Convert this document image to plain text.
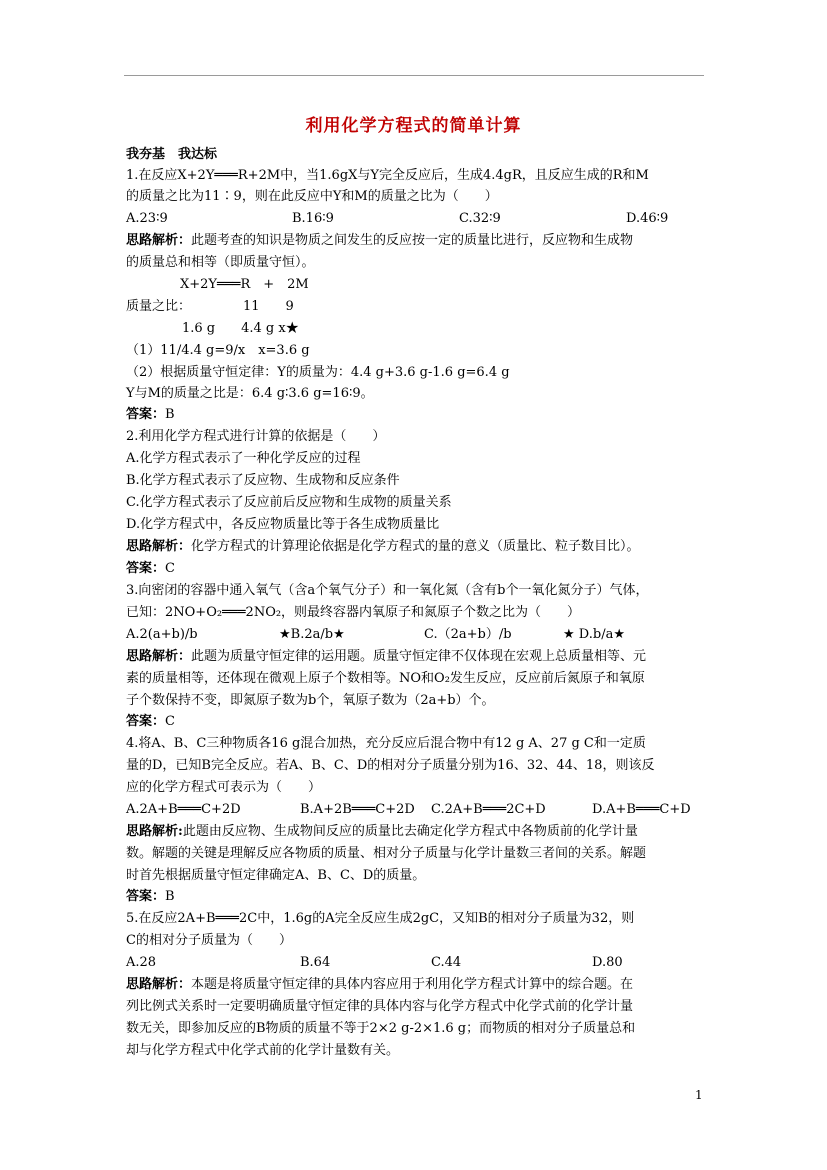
利用化学方程式的简单计算
我夯基　我达标
1.在反应X+2Y═══R+2M中，当1.6gX与Y完全反应后，生成4.4gR，且反应生成的R和M
的质量之比为11∶9，则在此反应中Y和M的质量之比为（　　）
A.23∶9	B.16∶9	C.32∶9	D.46∶9
思路解析：此题考查的知识是物质之间发生的反应按一定的质量比进行，反应物和生成物
的质量总和相等（即质量守恒）。
X+2Y═══R　+　2M
质量之比：	11　　9
1.6 g　　4.4 g x★
（1）11/4.4 g=9/x　x=3.6 g
（2）根据质量守恒定律：Y的质量为：4.4 g+3.6 g-1.6 g=6.4 g
Y与M的质量之比是：6.4 g∶3.6 g=16∶9。
答案：B
2.利用化学方程式进行计算的依据是（　　）
A.化学方程式表示了一种化学反应的过程
B.化学方程式表示了反应物、生成物和反应条件
C.化学方程式表示了反应前后反应物和生成物的质量关系
D.化学方程式中，各反应物质量比等于各生成物质量比
思路解析：化学方程式的计算理论依据是化学方程式的量的意义（质量比、粒子数目比）。
答案：C
3.向密闭的容器中通入氧气（含a个氧气分子）和一氧化氮（含有b个一氧化氮分子）气体，
已知：2NO+O₂═══2NO₂，则最终容器内氧原子和氮原子个数之比为（　　）
A.2(a+b)/b	★B.2a/b★	C.（2a+b）/b	★ D.b/a★
思路解析：此题为质量守恒定律的运用题。质量守恒定律不仅体现在宏观上总质量相等、元
素的质量相等，还体现在微观上原子个数相等。NO和O₂发生反应，反应前后氮原子和氧原
子个数保持不变，即氮原子数为b个，氧原子数为（2a+b）个。
答案：C
4.将A、B、C三种物质各16 g混合加热，充分反应后混合物中有12 g A、27 g C和一定质
量的D，已知B完全反应。若A、B、C、D的相对分子质量分别为16、32、44、18，则该反
应的化学方程式可表示为（　　）
A.2A+B═══C+2D	B.A+2B═══C+2D C.2A+B═══2C+D	D.A+B═══C+D
思路解析:此题由反应物、生成物间反应的质量比去确定化学方程式中各物质前的化学计量
数。解题的关键是理解反应各物质的质量、相对分子质量与化学计量数三者间的关系。解题
时首先根据质量守恒定律确定A、B、C、D的质量。
答案：B
5.在反应2A+B═══2C中，1.6g的A完全反应生成2gC，又知B的相对分子质量为32，则
C的相对分子质量为（　　）
A.28	B.64	C.44	D.80
思路解析：本题是将质量守恒定律的具体内容应用于利用化学方程式计算中的综合题。在
列比例式关系时一定要明确质量守恒定律的具体内容与化学方程式中化学式前的化学计量
数无关，即参加反应的B物质的质量不等于2×2 g-2×1.6 g；而物质的相对分子质量总和
却与化学方程式中化学式前的化学计量数有关。
1
